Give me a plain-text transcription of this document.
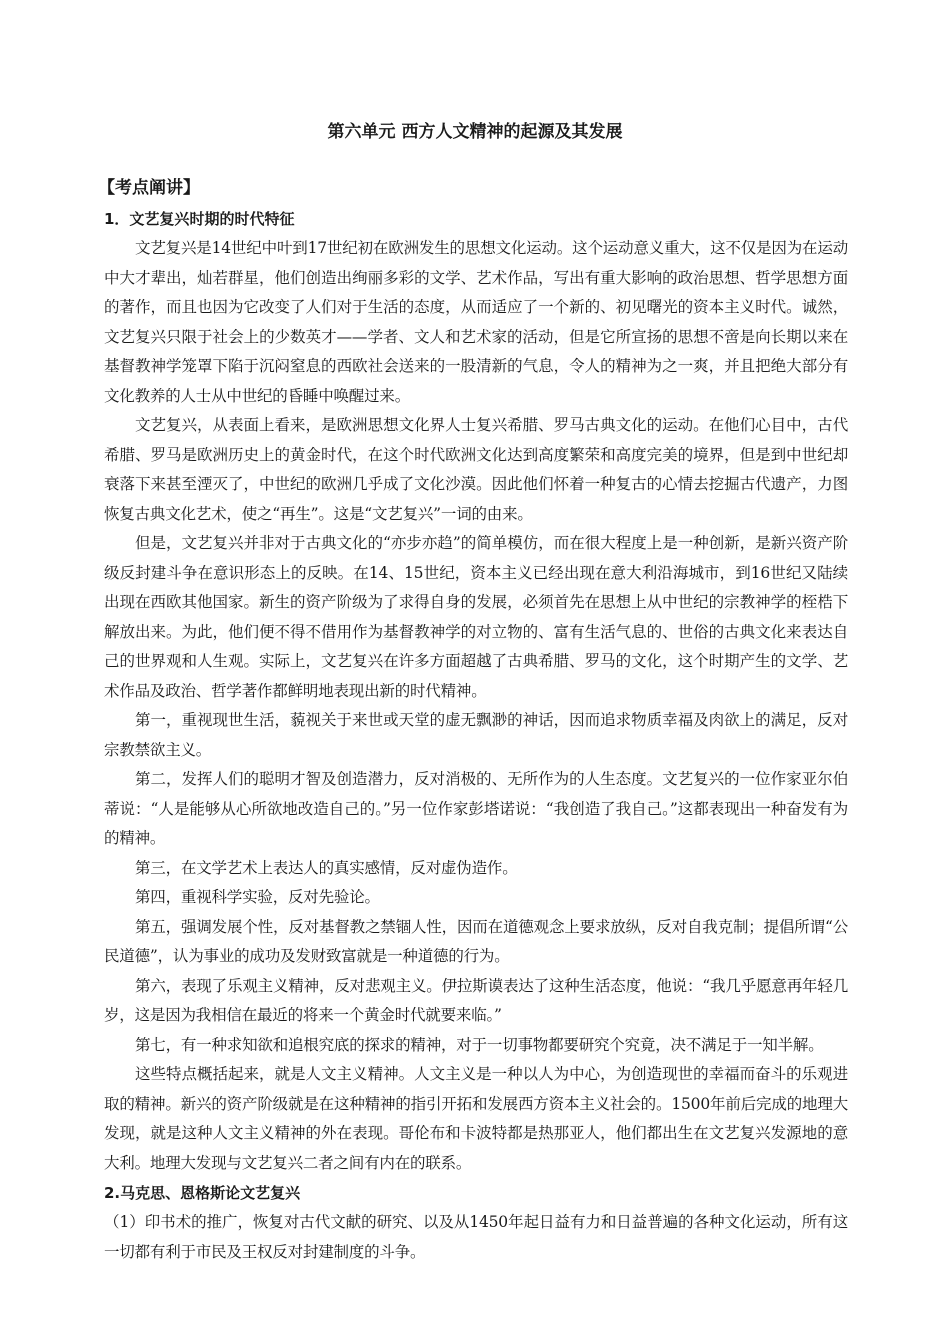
第六单元 西方人文精神的起源及其发展
【考点阐讲】
1．文艺复兴时期的时代特征

文艺复兴是14世纪中叶到17世纪初在欧洲发生的思想文化运动。这个运动意义重大，这不仅是因为在运动中大才辈出，灿若群星，他们创造出绚丽多彩的文学、艺术作品，写出有重大影响的政治思想、哲学思想方面的著作，而且也因为它改变了人们对于生活的态度，从而适应了一个新的、初见曙光的资本主义时代。诚然，文艺复兴只限于社会上的少数英才——学者、文人和艺术家的活动，但是它所宣扬的思想不啻是向长期以来在基督教神学笼罩下陷于沉闷窒息的西欧社会送来的一股清新的气息，令人的精神为之一爽，并且把绝大部分有文化教养的人士从中世纪的昏睡中唤醒过来。

文艺复兴，从表面上看来，是欧洲思想文化界人士复兴希腊、罗马古典文化的运动。在他们心目中，古代希腊、罗马是欧洲历史上的黄金时代，在这个时代欧洲文化达到高度繁荣和高度完美的境界，但是到中世纪却衰落下来甚至湮灭了，中世纪的欧洲几乎成了文化沙漠。因此他们怀着一种复古的心情去挖掘古代遗产，力图恢复古典文化艺术，使之“再生”。这是“文艺复兴”一词的由来。

但是，文艺复兴并非对于古典文化的“亦步亦趋”的简单模仿，而在很大程度上是一种创新，是新兴资产阶级反封建斗争在意识形态上的反映。在14、15世纪，资本主义已经出现在意大利沿海城市，到16世纪又陆续出现在西欧其他国家。新生的资产阶级为了求得自身的发展，必须首先在思想上从中世纪的宗教神学的桎梏下解放出来。为此，他们便不得不借用作为基督教神学的对立物的、富有生活气息的、世俗的古典文化来表达自己的世界观和人生观。实际上，文艺复兴在许多方面超越了古典希腊、罗马的文化，这个时期产生的文学、艺术作品及政治、哲学著作都鲜明地表现出新的时代精神。

第一，重视现世生活，藐视关于来世或天堂的虚无飘渺的神话，因而追求物质幸福及肉欲上的满足，反对宗教禁欲主义。

第二，发挥人们的聪明才智及创造潜力，反对消极的、无所作为的人生态度。文艺复兴的一位作家亚尔伯蒂说：“人是能够从心所欲地改造自己的。”另一位作家彭塔诺说：“我创造了我自己。”这都表现出一种奋发有为的精神。

第三，在文学艺术上表达人的真实感情，反对虚伪造作。

第四，重视科学实验，反对先验论。

第五，强调发展个性，反对基督教之禁锢人性，因而在道德观念上要求放纵，反对自我克制；提倡所谓“公民道德”，认为事业的成功及发财致富就是一种道德的行为。

第六，表现了乐观主义精神，反对悲观主义。伊拉斯谟表达了这种生活态度，他说：“我几乎愿意再年轻几岁，这是因为我相信在最近的将来一个黄金时代就要来临。”

第七，有一种求知欲和追根究底的探求的精神，对于一切事物都要研究个究竟，决不满足于一知半解。

这些特点概括起来，就是人文主义精神。人文主义是一种以人为中心，为创造现世的幸福而奋斗的乐观进取的精神。新兴的资产阶级就是在这种精神的指引开拓和发展西方资本主义社会的。1500年前后完成的地理大发现，就是这种人文主义精神的外在表现。哥伦布和卡波特都是热那亚人，他们都出生在文艺复兴发源地的意大利。地理大发现与文艺复兴二者之间有内在的联系。

2.马克思、恩格斯论文艺复兴

（1）印书术的推广，恢复对古代文献的研究、以及从1450年起日益有力和日益普遍的各种文化运动，所有这一切都有利于市民及王权反对封建制度的斗争。
